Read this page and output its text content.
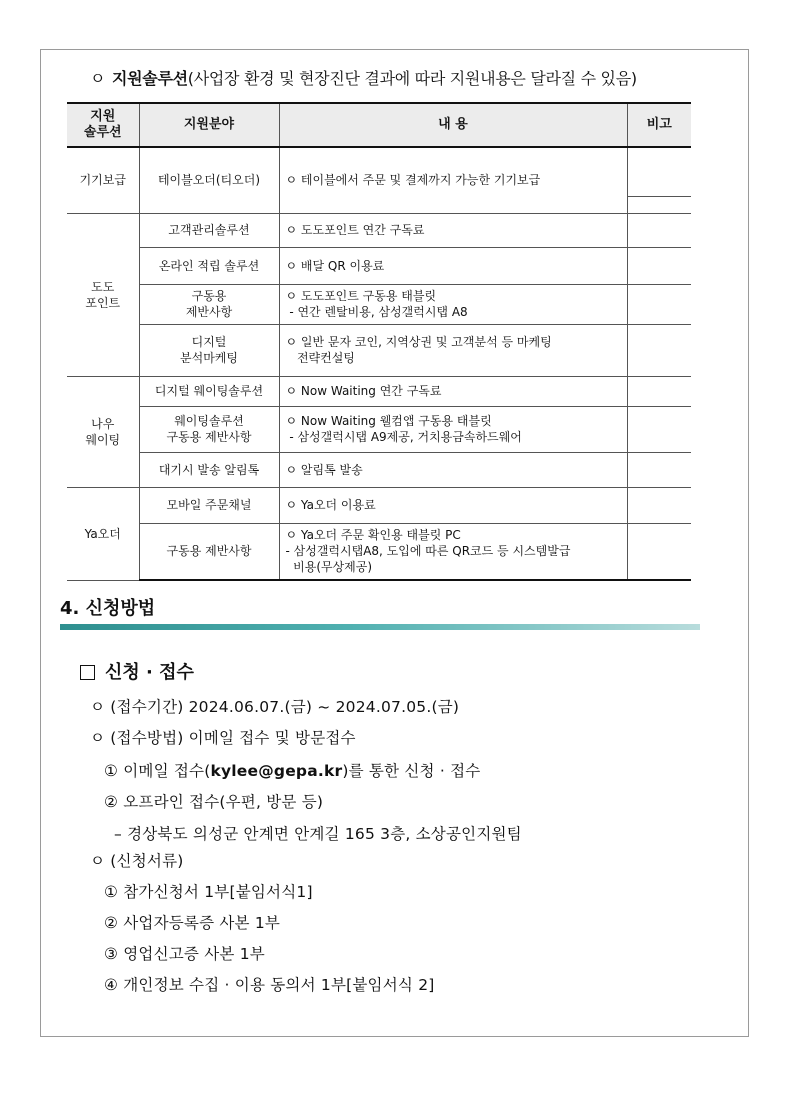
ㅇ 지원솔루션(사업장 환경 및 현장진단 결과에 따라 지원내용은 달라질 수 있음)
지원
솔루션	지원분야	내 용	비고

기기보급	테이블오더(티오더)	ㅇ 테이블에서 주문 및 결제까지 가능한 기기보급	

도도
포인트	고객관리솔루션	ㅇ 도도포인트 연간 구독료	

	온라인 적립 솔루션	ㅇ 배달 QR 이용료	

	구동용
제반사항	ㅇ 도도포인트 구동용 태블릿
- 연간 렌탈비용, 삼성갤럭시탭 A8	

	디지털
분석마케팅	ㅇ 일반 문자 코인, 지역상권 및 고객분석 등 마케팅
전략컨설팅	

나우
웨이팅	디지털 웨이팅솔루션	ㅇ Now Waiting 연간 구독료	

	웨이팅솔루션
구동용 제반사항	ㅇ Now Waiting 웰컴앱 구동용 태블릿
- 삼성갤럭시탭 A9제공, 거치용금속하드웨어	

	대기시 발송 알림톡	ㅇ 알림톡 발송	

Ya오더	모바일 주문채널	ㅇ Ya오더 이용료	

	구동용 제반사항	ㅇ Ya오더 주문 확인용 태블릿 PC
- 삼성갤럭시탭A8, 도입에 따른 QR코드 등 시스템발급
비용(무상제공)	

4. 신청방법
신청 · 접수
ㅇ (접수기간) 2024.06.07.(금) ~ 2024.07.05.(금)
ㅇ (접수방법) 이메일 접수 및 방문접수
① 이메일 접수(kylee@gepa.kr)를 통한 신청 · 접수
② 오프라인 접수(우편, 방문 등)
– 경상북도 의성군 안계면 안계길 165 3층, 소상공인지원팀
ㅇ (신청서류)
① 참가신청서 1부[붙임서식1]
② 사업자등록증 사본 1부
③ 영업신고증 사본 1부
④ 개인정보 수집 · 이용 동의서 1부[붙임서식 2]
